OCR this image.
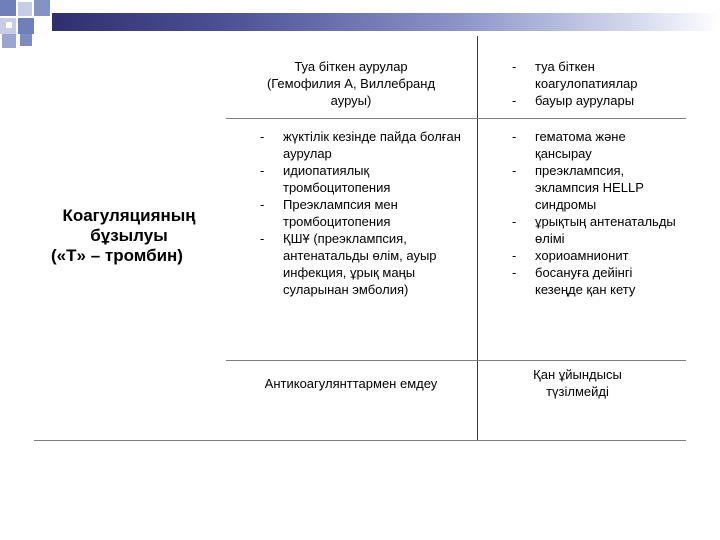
Коагуляцияның
бұзылуы
(«Т» – тромбин)
Туа біткен аурулар
(Гемофилия А, Виллебранд
ауруы)
- туа біткен коагулопатиялар
- бауыр аурулары
- жүктілік кезінде пайда болған аурулар
- идиопатиялық тромбоцитопения
- Преэклампсия мен тромбоцитопения
- ҚШҰ (преэклампсия, антенатальды өлім, ауыр инфекция, ұрық маңы суларынан эмболия)
- гематома және қансырау
- преэклампсия, эклампсия HELLP синдромы
- ұрықтың антенатальды өлімі
- хориоамнионит
- босануға дейінгі кезеңде қан кету
Антикоагулянттармен емдеу
Қан ұйындысы
түзілмейді
